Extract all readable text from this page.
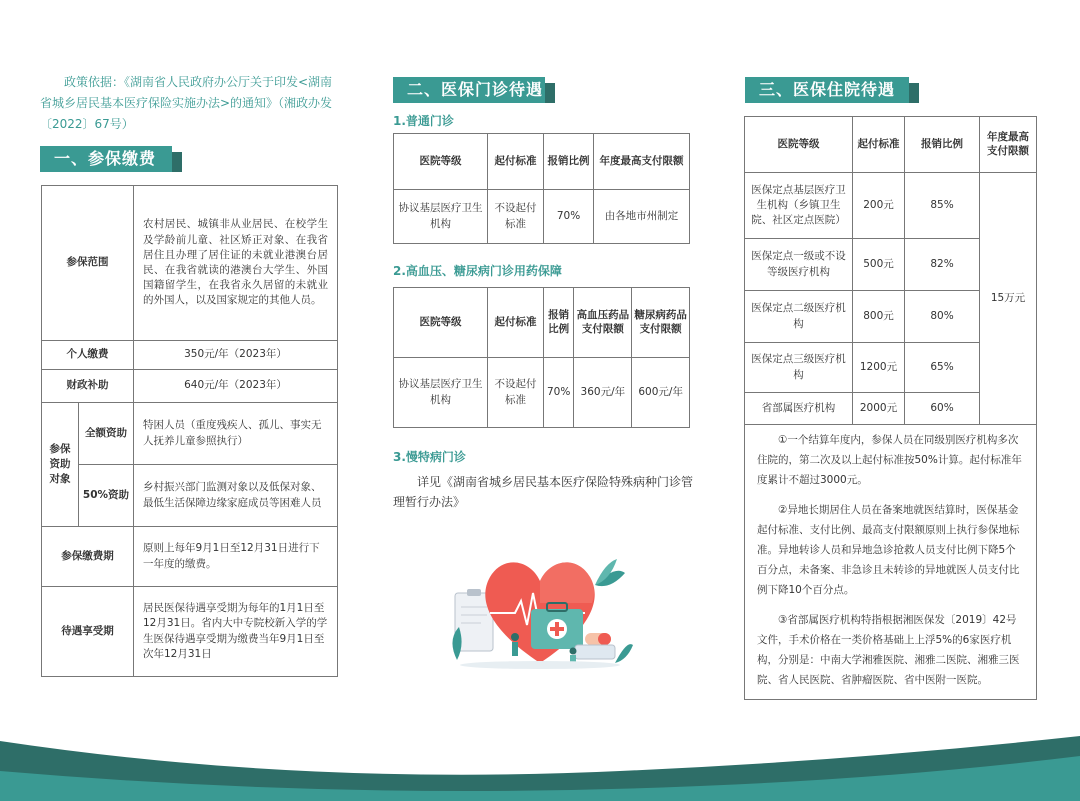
政策依据：《湖南省人民政府办公厅关于印发<湖南省城乡居民基本医疗保险实施办法>的通知》（湘政办发〔2022〕67号）
一、参保缴费
参保范围		农村居民、城镇非从业居民、在校学生及学龄前儿童、社区矫正对象、在我省居住且办理了居住证的未就业港澳台居民、在我省就读的港澳台大学生、外国国籍留学生，在我省永久居留的未就业的外国人，以及国家规定的其他人员。
个人缴费		350元/年（2023年）
财政补助		640元/年（2023年）
参保资助对象	全额资助	特困人员（重度残疾人、孤儿、事实无人抚养儿童参照执行）
	50%资助	乡村振兴部门监测对象以及低保对象、最低生活保障边缘家庭成员等困难人员
参保缴费期		原则上每年9月1日至12月31日进行下一年度的缴费。
待遇享受期		居民医保待遇享受期为每年的1月1日至12月31日。省内大中专院校新入学的学生医保待遇享受期为缴费当年9月1日至次年12月31日
二、医保门诊待遇
1.普通门诊
医院等级	起付标准	报销比例	年度最高支付限额
协议基层医疗卫生机构	不设起付标准	70%	由各地市州制定
2.高血压、糖尿病门诊用药保障
医院等级	起付标准	报销比例	高血压药品支付限额	糖尿病药品支付限额
协议基层医疗卫生机构	不设起付标准	70%	360元/年	600元/年
3.慢特病门诊
详见《湖南省城乡居民基本医疗保险特殊病种门诊管理暂行办法》
三、医保住院待遇
医院等级	起付标准	报销比例	年度最高支付限额
医保定点基层医疗卫生机构（乡镇卫生院、社区定点医院）	200元	85%	15万元
医保定点一级或不设等级医疗机构	500元	82%	
医保定点二级医疗机构	800元	80%	
医保定点三级医疗机构	1200元	65%	
省部属医疗机构	2000元	60%	

①一个结算年度内，参保人员在同级别医疗机构多次住院的，第二次及以上起付标准按50%计算。起付标准年度累计不超过3000元。

②异地长期居住人员在备案地就医结算时，医保基金起付标准、支付比例、最高支付限额原则上执行参保地标准。异地转诊人员和异地急诊抢救人员支付比例下降5个百分点，未备案、非急诊且未转诊的异地就医人员支付比例下降10个百分点。

③省部属医疗机构特指根据湘医保发〔2019〕42号文件，手术价格在一类价格基础上上浮5%的6家医疗机构，分别是：中南大学湘雅医院、湘雅二医院、湘雅三医院、省人民医院、省肿瘤医院、省中医附一医院。
